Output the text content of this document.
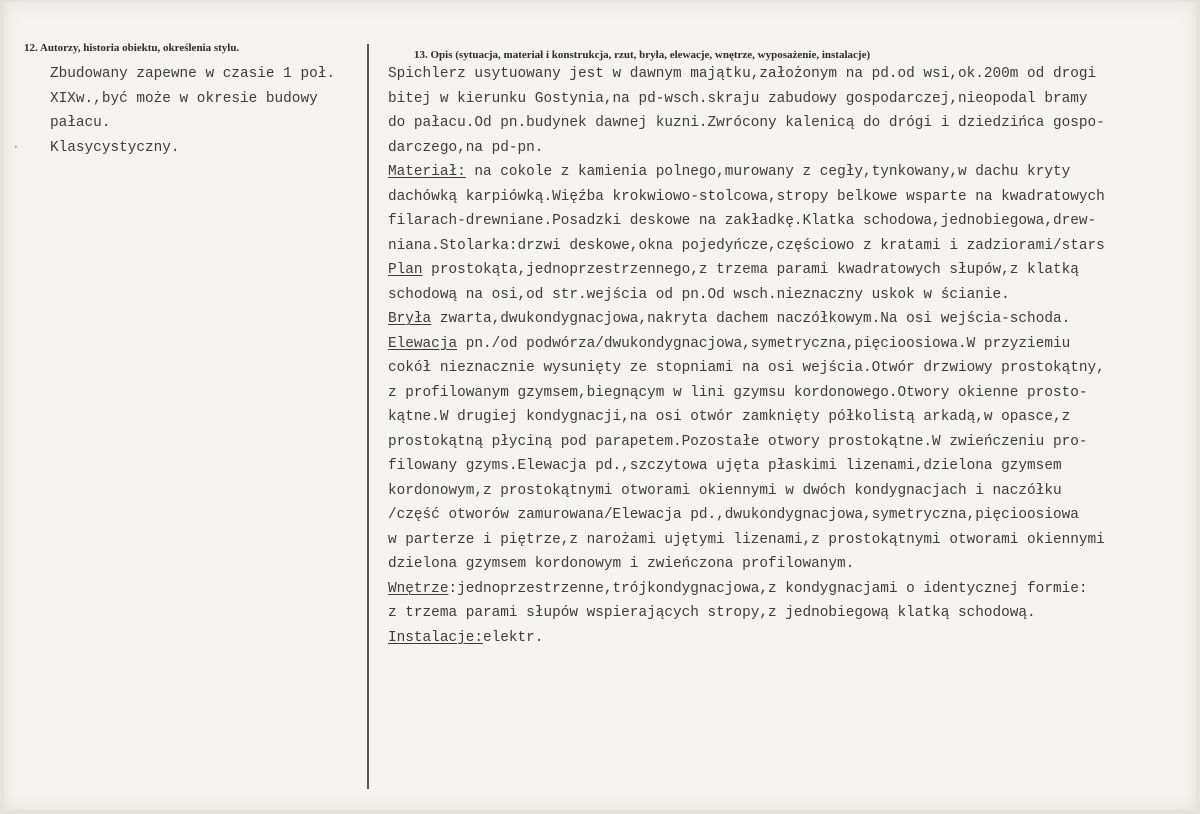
12. Autorzy, historia obiektu, określenia stylu.
13. Opis (sytuacja, materiał i konstrukcja, rzut, bryła, elewacje, wnętrze, wyposażenie, instalacje)
·
Zbudowany zapewne w czasie 1 poł.
XIXw.,być może w okresie budowy
pałacu.
Klasycystyczny.
Spichlerz usytuowany jest w dawnym majątku,założonym na pd.od wsi,ok.200m od drogi
bitej w kierunku Gostynia,na pd-wsch.skraju zabudowy gospodarczej,nieopodal bramy
do pałacu.Od pn.budynek dawnej kuzni.Zwrócony kalenicą do drógi i dziedzińca gospo-
darczego,na pd-pn.
Materiał: na cokole z kamienia polnego,murowany z cegły,tynkowany,w dachu kryty
dachówką karpiówką.Więźba krokwiowo-stolcowa,stropy belkowe wsparte na kwadratowych
filarach-drewniane.Posadzki deskowe na zakładkę.Klatka schodowa,jednobiegowa,drew-
niana.Stolarka:drzwi deskowe,okna pojedyńcze,częściowo z kratami i zadziorami/stars
Plan prostokąta,jednoprzestrzennego,z trzema parami kwadratowych słupów,z klatką
schodową na osi,od str.wejścia od pn.Od wsch.nieznaczny uskok w ścianie.
Bryła zwarta,dwukondygnacjowa,nakryta dachem naczółkowym.Na osi wejścia-schoda.
Elewacja pn./od podwórza/dwukondygnacjowa,symetryczna,pięcioosiowa.W przyziemiu
cokół nieznacznie wysunięty ze stopniami na osi wejścia.Otwór drzwiowy prostokątny,
z profilowanym gzymsem,biegnącym w lini gzymsu kordonowego.Otwory okienne prosto-
kątne.W drugiej kondygnacji,na osi otwór zamknięty półkolistą arkadą,w opasce,z
prostokątną płyciną pod parapetem.Pozostałe otwory prostokątne.W zwieńczeniu pro-
filowany gzyms.Elewacja pd.,szczytowa ujęta płaskimi lizenami,dzielona gzymsem
kordonowym,z prostokątnymi otworami okiennymi w dwóch kondygnacjach i naczółku
/część otworów zamurowana/Elewacja pd.,dwukondygnacjowa,symetryczna,pięcioosiowa
w parterze i piętrze,z narożami ujętymi lizenami,z prostokątnymi otworami okiennymi
dzielona gzymsem kordonowym i zwieńczona profilowanym.
Wnętrze:jednoprzestrzenne,trójkondygnacjowa,z kondygnacjami o identycznej formie:
z trzema parami słupów wspierających stropy,z jednobiegową klatką schodową.
Instalacje:elektr.
